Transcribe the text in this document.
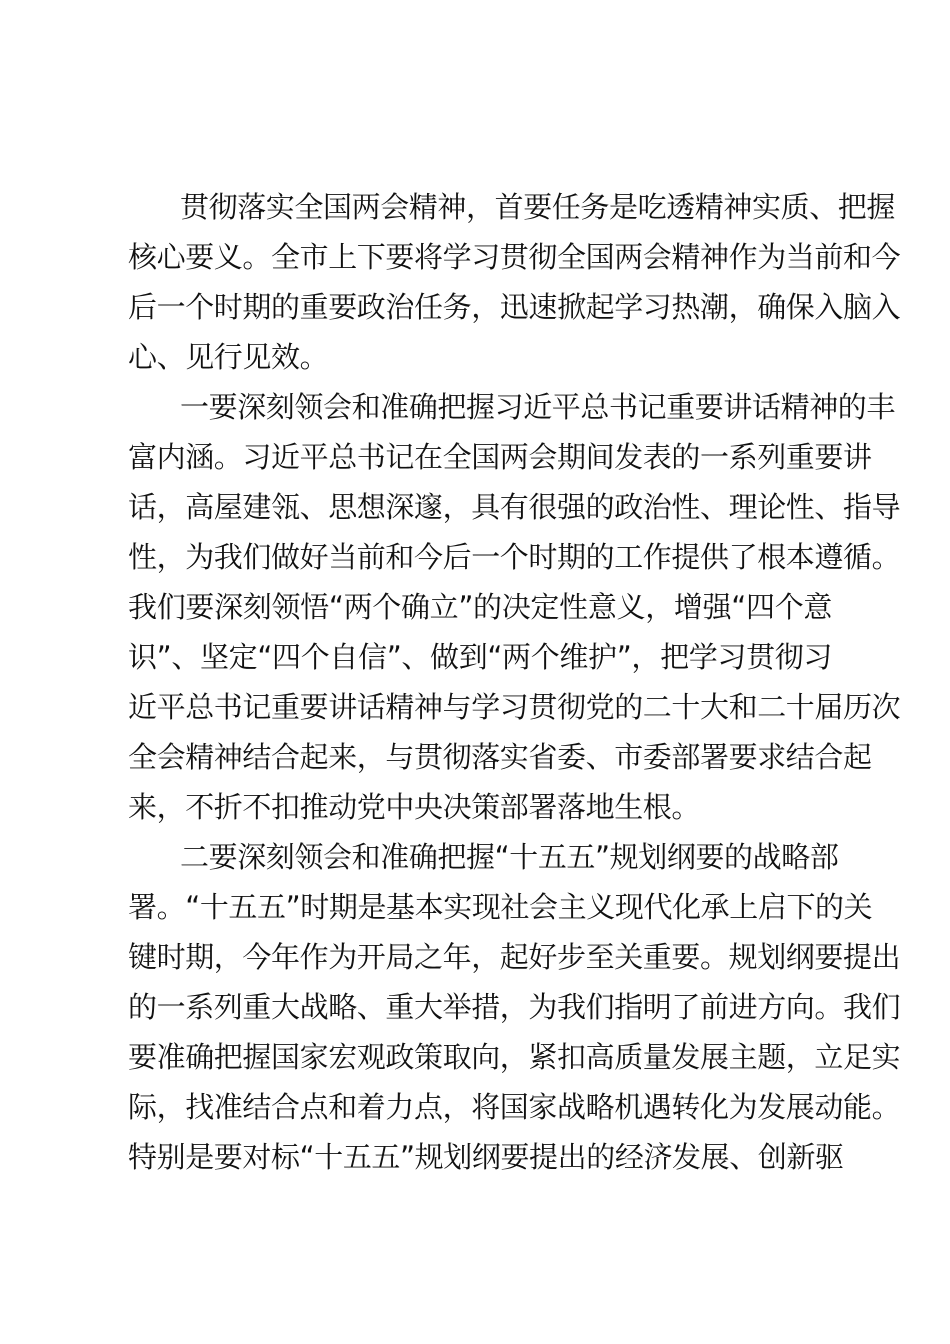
贯彻落实全国两会精神，首要任务是吃透精神实质、把握
核心要义。全市上下要将学习贯彻全国两会精神作为当前和今
后一个时期的重要政治任务，迅速掀起学习热潮，确保入脑入
心、见行见效。
一要深刻领会和准确把握习近平总书记重要讲话精神的丰
富内涵。习近平总书记在全国两会期间发表的一系列重要讲
话，高屋建瓴、思想深邃，具有很强的政治性、理论性、指导
性，为我们做好当前和今后一个时期的工作提供了根本遵循。
我们要深刻领悟“两个确立”的决定性意义，增强“四个意
识”、坚定“四个自信”、做到“两个维护”，把学习贯彻习
近平总书记重要讲话精神与学习贯彻党的二十大和二十届历次
全会精神结合起来，与贯彻落实省委、市委部署要求结合起
来，不折不扣推动党中央决策部署落地生根。
二要深刻领会和准确把握“十五五”规划纲要的战略部
署。“十五五”时期是基本实现社会主义现代化承上启下的关
键时期，今年作为开局之年，起好步至关重要。规划纲要提出
的一系列重大战略、重大举措，为我们指明了前进方向。我们
要准确把握国家宏观政策取向，紧扣高质量发展主题，立足实
际，找准结合点和着力点，将国家战略机遇转化为发展动能。
特别是要对标“十五五”规划纲要提出的经济发展、创新驱
